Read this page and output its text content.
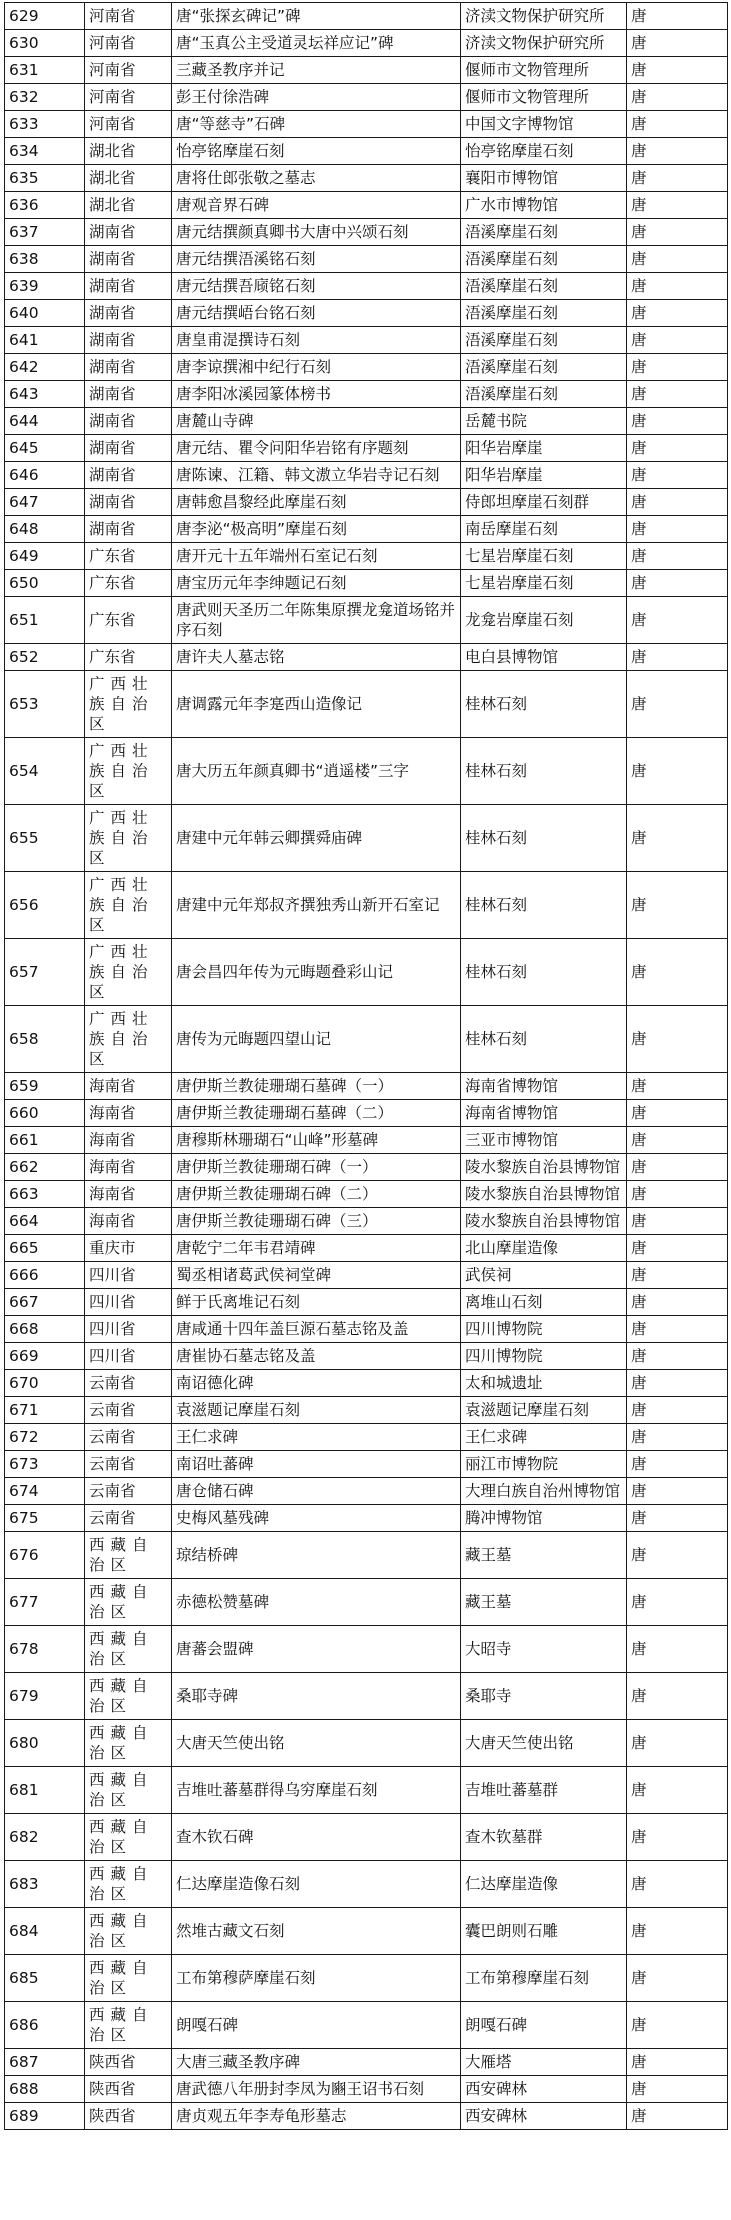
629	河南省	唐“张探玄碑记”碑	济渎文物保护研究所	唐
630	河南省	唐“玉真公主受道灵坛祥应记”碑	济渎文物保护研究所	唐
631	河南省	三藏圣教序并记	偃师市文物管理所	唐
632	河南省	彭王付徐浩碑	偃师市文物管理所	唐
633	河南省	唐“等慈寺”石碑	中国文字博物馆	唐
634	湖北省	怡亭铭摩崖石刻	怡亭铭摩崖石刻	唐
635	湖北省	唐将仕郎张敬之墓志	襄阳市博物馆	唐
636	湖北省	唐观音界石碑	广水市博物馆	唐
637	湖南省	唐元结撰颜真卿书大唐中兴颂石刻	浯溪摩崖石刻	唐
638	湖南省	唐元结撰浯溪铭石刻	浯溪摩崖石刻	唐
639	湖南省	唐元结撰吾庼铭石刻	浯溪摩崖石刻	唐
640	湖南省	唐元结撰峿台铭石刻	浯溪摩崖石刻	唐
641	湖南省	唐皇甫湜撰诗石刻	浯溪摩崖石刻	唐
642	湖南省	唐李谅撰湘中纪行石刻	浯溪摩崖石刻	唐
643	湖南省	唐李阳冰溪园篆体榜书	浯溪摩崖石刻	唐
644	湖南省	唐麓山寺碑	岳麓书院	唐
645	湖南省	唐元结、瞿令问阳华岩铭有序题刻	阳华岩摩崖	唐
646	湖南省	唐陈谏、江籍、韩文滶立华岩寺记石刻	阳华岩摩崖	唐
647	湖南省	唐韩愈昌黎经此摩崖石刻	侍郎坦摩崖石刻群	唐
648	湖南省	唐李泌“极高明”摩崖石刻	南岳摩崖石刻	唐
649	广东省	唐开元十五年端州石室记石刻	七星岩摩崖石刻	唐
650	广东省	唐宝历元年李绅题记石刻	七星岩摩崖石刻	唐
651	广东省	唐武则天圣历二年陈集原撰龙龛道场铭并序石刻	龙龛岩摩崖石刻	唐
652	广东省	唐许夫人墓志铭	电白县博物馆	唐
653	广西壮族自治区	唐调露元年李寔西山造像记	桂林石刻	唐
654	广西壮族自治区	唐大历五年颜真卿书“逍遥楼”三字	桂林石刻	唐
655	广西壮族自治区	唐建中元年韩云卿撰舜庙碑	桂林石刻	唐
656	广西壮族自治区	唐建中元年郑叔齐撰独秀山新开石室记	桂林石刻	唐
657	广西壮族自治区	唐会昌四年传为元晦题叠彩山记	桂林石刻	唐
658	广西壮族自治区	唐传为元晦题四望山记	桂林石刻	唐
659	海南省	唐伊斯兰教徒珊瑚石墓碑（一）	海南省博物馆	唐
660	海南省	唐伊斯兰教徒珊瑚石墓碑（二）	海南省博物馆	唐
661	海南省	唐穆斯林珊瑚石“山峰”形墓碑	三亚市博物馆	唐
662	海南省	唐伊斯兰教徒珊瑚石碑（一）	陵水黎族自治县博物馆	唐
663	海南省	唐伊斯兰教徒珊瑚石碑（二）	陵水黎族自治县博物馆	唐
664	海南省	唐伊斯兰教徒珊瑚石碑（三）	陵水黎族自治县博物馆	唐
665	重庆市	唐乾宁二年韦君靖碑	北山摩崖造像	唐
666	四川省	蜀丞相诸葛武侯祠堂碑	武侯祠	唐
667	四川省	鲜于氏离堆记石刻	离堆山石刻	唐
668	四川省	唐咸通十四年盖巨源石墓志铭及盖	四川博物院	唐
669	四川省	唐崔协石墓志铭及盖	四川博物院	唐
670	云南省	南诏德化碑	太和城遗址	唐
671	云南省	袁滋题记摩崖石刻	袁滋题记摩崖石刻	唐
672	云南省	王仁求碑	王仁求碑	唐
673	云南省	南诏吐蕃碑	丽江市博物院	唐
674	云南省	唐仓储石碑	大理白族自治州博物馆	唐
675	云南省	史梅风墓残碑	腾冲博物馆	唐
676	西藏自治区	琼结桥碑	藏王墓	唐
677	西藏自治区	赤德松赞墓碑	藏王墓	唐
678	西藏自治区	唐蕃会盟碑	大昭寺	唐
679	西藏自治区	桑耶寺碑	桑耶寺	唐
680	西藏自治区	大唐天竺使出铭	大唐天竺使出铭	唐
681	西藏自治区	吉堆吐蕃墓群得乌穷摩崖石刻	吉堆吐蕃墓群	唐
682	西藏自治区	查木钦石碑	查木钦墓群	唐
683	西藏自治区	仁达摩崖造像石刻	仁达摩崖造像	唐
684	西藏自治区	然堆古藏文石刻	囊巴朗则石雕	唐
685	西藏自治区	工布第穆萨摩崖石刻	工布第穆摩崖石刻	唐
686	西藏自治区	朗嘎石碑	朗嘎石碑	唐
687	陕西省	大唐三藏圣教序碑	大雁塔	唐
688	陕西省	唐武德八年册封李凤为豳王诏书石刻	西安碑林	唐
689	陕西省	唐贞观五年李寿龟形墓志	西安碑林	唐
